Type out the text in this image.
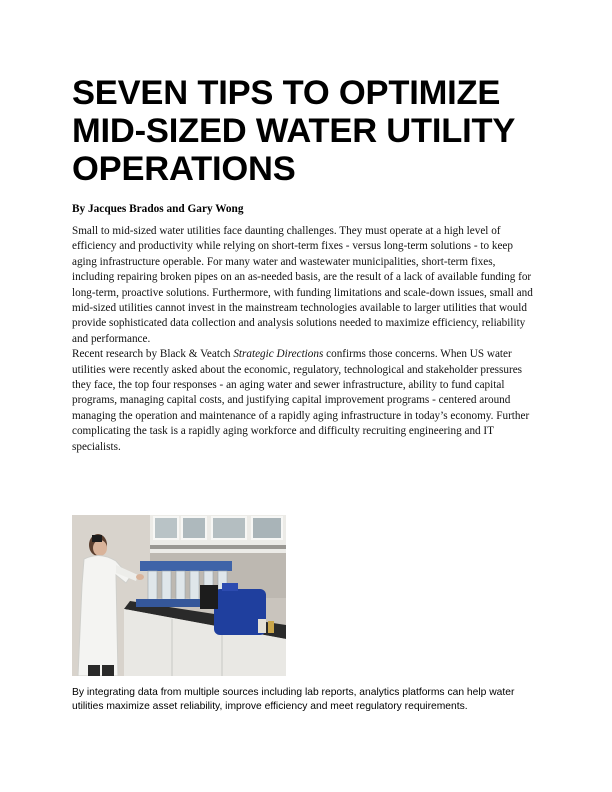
SEVEN TIPS TO OPTIMIZE MID-SIZED WATER UTILITY OPERATIONS

By Jacques Brados and Gary Wong

Small to mid-sized water utilities face daunting challenges. They must operate at a high level of efficiency and productivity while relying on short-term fixes - versus long-term solutions - to keep aging infrastructure operable. For many water and wastewater municipalities, short-term fixes, including repairing broken pipes on an as-needed basis, are the result of a lack of available funding for long-term, proactive solutions. Furthermore, with funding limitations and scale-down issues, small and mid-sized utilities cannot invest in the mainstream technologies available to larger utilities that would provide sophisticated data collection and analysis solutions needed to maximize efficiency, reliability and performance.

Recent research by Black & Veatch Strategic Directions confirms those concerns. When US water utilities were recently asked about the economic, regulatory, technological and stakeholder pressures they face, the top four responses - an aging water and sewer infrastructure, ability to fund capital programs, managing capital costs, and justifying capital improvement programs - centered around managing the operation and maintenance of a rapidly aging infrastructure in today’s economy. Further complicating the task is a rapidly aging workforce and difficulty recruiting engineering and IT specialists.

By integrating data from multiple sources including lab reports, analytics platforms can help water utilities maximize asset reliability, improve efficiency and meet regulatory requirements.
